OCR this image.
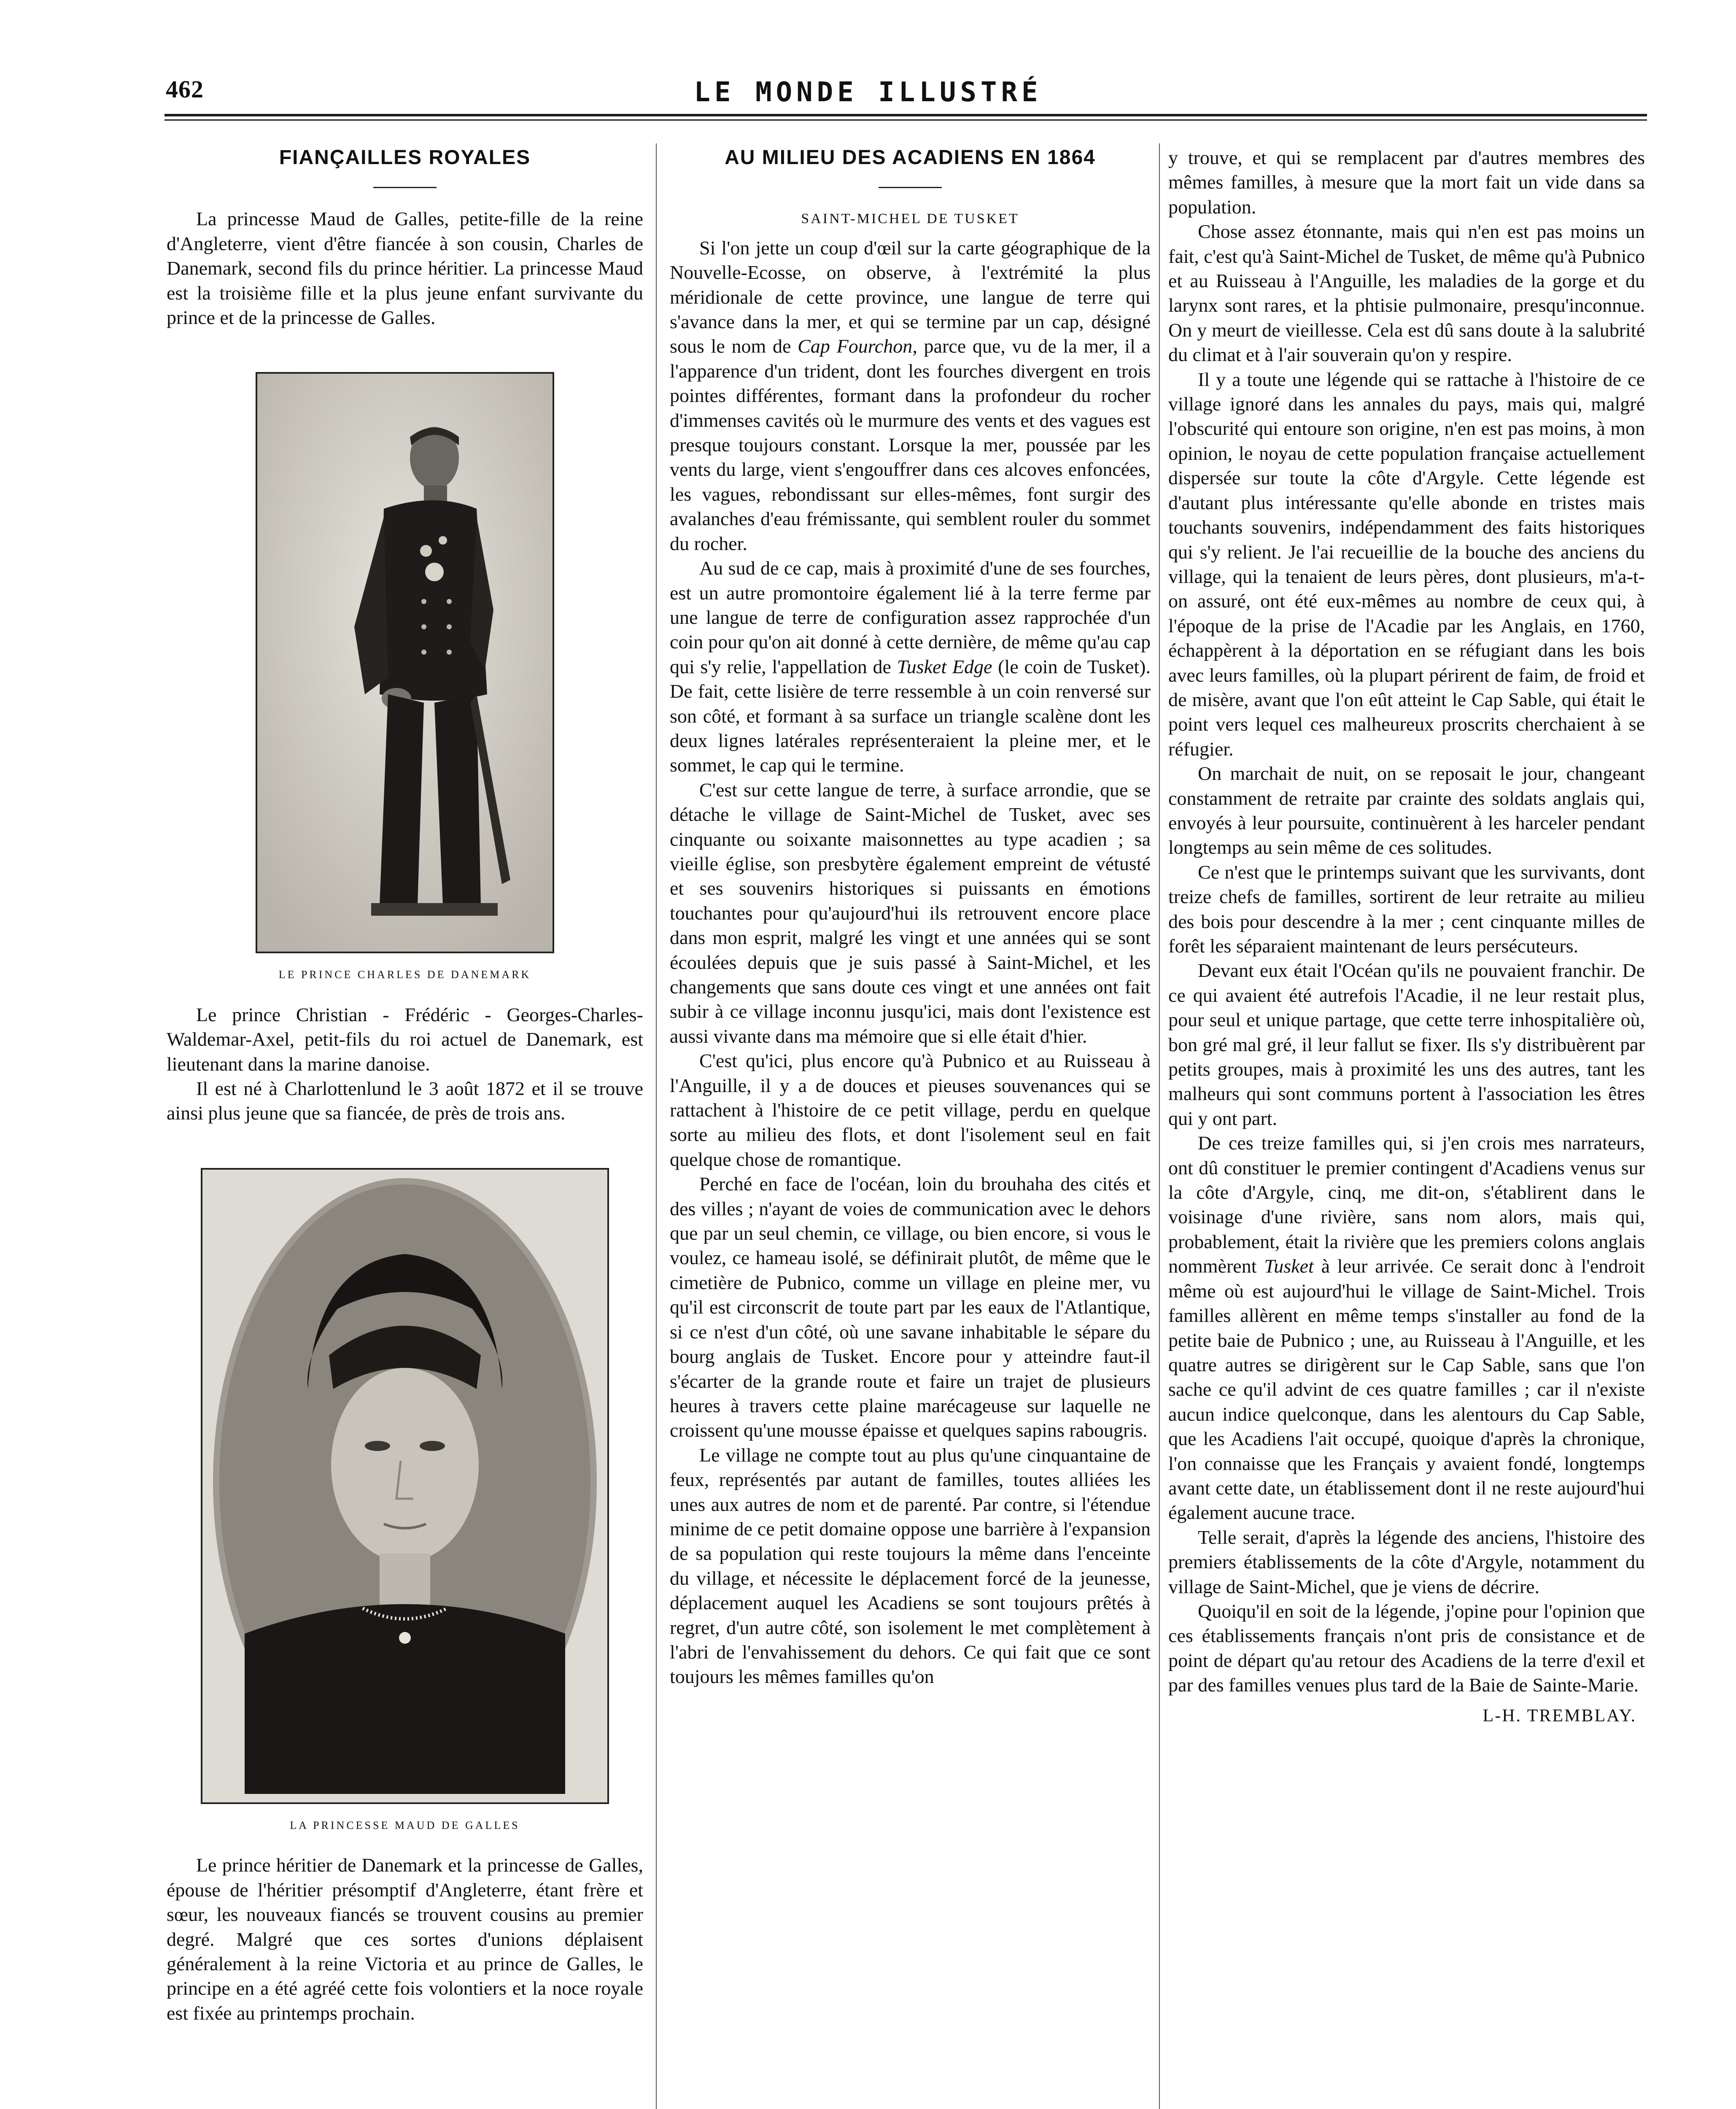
462	LE MONDE ILLUSTRÉ
FIANÇAILLES ROYALES

La princesse Maud de Galles, petite-fille de la reine d'Angleterre, vient d'être fiancée à son cousin, Charles de Danemark, second fils du prince héritier. La princesse Maud est la troisième fille et la plus jeune enfant survivante du prince et de la princesse de Galles.

LE PRINCE CHARLES DE DANEMARK

Le prince Christian - Frédéric - Georges-Charles-Waldemar-Axel, petit-fils du roi actuel de Danemark, est lieutenant dans la marine danoise.

Il est né à Charlottenlund le 3 août 1872 et il se trouve ainsi plus jeune que sa fiancée, de près de trois ans.

LA PRINCESSE MAUD DE GALLES

Le prince héritier de Danemark et la princesse de Galles, épouse de l'héritier présomptif d'Angleterre, étant frère et sœur, les nouveaux fiancés se trouvent cousins au premier degré. Malgré que ces sortes d'unions déplaisent généralement à la reine Victoria et au prince de Galles, le principe en a été agréé cette fois volontiers et la noce royale est fixée au printemps prochain.

AU MILIEU DES ACADIENS EN 1864
SAINT-MICHEL DE TUSKET

Si l'on jette un coup d'œil sur la carte géographique de la Nouvelle-Ecosse, on observe, à l'extrémité la plus méridionale de cette province, une langue de terre qui s'avance dans la mer, et qui se termine par un cap, désigné sous le nom de Cap Fourchon, parce que, vu de la mer, il a l'apparence d'un trident, dont les fourches divergent en trois pointes différentes, formant dans la profondeur du rocher d'immenses cavités où le murmure des vents et des vagues est presque toujours constant. Lorsque la mer, poussée par les vents du large, vient s'engouffrer dans ces alcoves enfoncées, les vagues, rebondissant sur elles-mêmes, font surgir des avalanches d'eau frémissante, qui semblent rouler du sommet du rocher.

Au sud de ce cap, mais à proximité d'une de ses fourches, est un autre promontoire également lié à la terre ferme par une langue de terre de configuration assez rapprochée d'un coin pour qu'on ait donné à cette dernière, de même qu'au cap qui s'y relie, l'appellation de Tusket Edge (le coin de Tusket). De fait, cette lisière de terre ressemble à un coin renversé sur son côté, et formant à sa surface un triangle scalène dont les deux lignes latérales représenteraient la pleine mer, et le sommet, le cap qui le termine.

C'est sur cette langue de terre, à surface arrondie, que se détache le village de Saint-Michel de Tusket, avec ses cinquante ou soixante maisonnettes au type acadien ; sa vieille église, son presbytère également empreint de vétusté et ses souvenirs historiques si puissants en émotions touchantes pour qu'aujourd'hui ils retrouvent encore place dans mon esprit, malgré les vingt et une années qui se sont écoulées depuis que je suis passé à Saint-Michel, et les changements que sans doute ces vingt et une années ont fait subir à ce village inconnu jusqu'ici, mais dont l'existence est aussi vivante dans ma mémoire que si elle était d'hier.

C'est qu'ici, plus encore qu'à Pubnico et au Ruisseau à l'Anguille, il y a de douces et pieuses souvenances qui se rattachent à l'histoire de ce petit village, perdu en quelque sorte au milieu des flots, et dont l'isolement seul en fait quelque chose de romantique.

Perché en face de l'océan, loin du brouhaha des cités et des villes ; n'ayant de voies de communication avec le dehors que par un seul chemin, ce village, ou bien encore, si vous le voulez, ce hameau isolé, se définirait plutôt, de même que le cimetière de Pubnico, comme un village en pleine mer, vu qu'il est circonscrit de toute part par les eaux de l'Atlantique, si ce n'est d'un côté, où une savane inhabitable le sépare du bourg anglais de Tusket. Encore pour y atteindre faut-il s'écarter de la grande route et faire un trajet de plusieurs heures à travers cette plaine marécageuse sur laquelle ne croissent qu'une mousse épaisse et quelques sapins rabougris.

Le village ne compte tout au plus qu'une cinquantaine de feux, représentés par autant de familles, toutes alliées les unes aux autres de nom et de parenté. Par contre, si l'étendue minime de ce petit domaine oppose une barrière à l'expansion de sa population qui reste toujours la même dans l'enceinte du village, et nécessite le déplacement forcé de la jeunesse, déplacement auquel les Acadiens se sont toujours prêtés à regret, d'un autre côté, son isolement le met complètement à l'abri de l'envahissement du dehors. Ce qui fait que ce sont toujours les mêmes familles qu'on

y trouve, et qui se remplacent par d'autres membres des mêmes familles, à mesure que la mort fait un vide dans sa population.

Chose assez étonnante, mais qui n'en est pas moins un fait, c'est qu'à Saint-Michel de Tusket, de même qu'à Pubnico et au Ruisseau à l'Anguille, les maladies de la gorge et du larynx sont rares, et la phtisie pulmonaire, presqu'inconnue. On y meurt de vieillesse. Cela est dû sans doute à la salubrité du climat et à l'air souverain qu'on y respire.

Il y a toute une légende qui se rattache à l'histoire de ce village ignoré dans les annales du pays, mais qui, malgré l'obscurité qui entoure son origine, n'en est pas moins, à mon opinion, le noyau de cette population française actuellement dispersée sur toute la côte d'Argyle. Cette légende est d'autant plus intéressante qu'elle abonde en tristes mais touchants souvenirs, indépendamment des faits historiques qui s'y relient. Je l'ai recueillie de la bouche des anciens du village, qui la tenaient de leurs pères, dont plusieurs, m'a-t-on assuré, ont été eux-mêmes au nombre de ceux qui, à l'époque de la prise de l'Acadie par les Anglais, en 1760, échappèrent à la déportation en se réfugiant dans les bois avec leurs familles, où la plupart périrent de faim, de froid et de misère, avant que l'on eût atteint le Cap Sable, qui était le point vers lequel ces malheureux proscrits cherchaient à se réfugier.

On marchait de nuit, on se reposait le jour, changeant constamment de retraite par crainte des soldats anglais qui, envoyés à leur poursuite, continuèrent à les harceler pendant longtemps au sein même de ces solitudes.

Ce n'est que le printemps suivant que les survivants, dont treize chefs de familles, sortirent de leur retraite au milieu des bois pour descendre à la mer ; cent cinquante milles de forêt les séparaient maintenant de leurs persécuteurs.

Devant eux était l'Océan qu'ils ne pouvaient franchir. De ce qui avaient été autrefois l'Acadie, il ne leur restait plus, pour seul et unique partage, que cette terre inhospitalière où, bon gré mal gré, il leur fallut se fixer. Ils s'y distribuèrent par petits groupes, mais à proximité les uns des autres, tant les malheurs qui sont communs portent à l'association les êtres qui y ont part.

De ces treize familles qui, si j'en crois mes narrateurs, ont dû constituer le premier contingent d'Acadiens venus sur la côte d'Argyle, cinq, me dit-on, s'établirent dans le voisinage d'une rivière, sans nom alors, mais qui, probablement, était la rivière que les premiers colons anglais nommèrent Tusket à leur arrivée. Ce serait donc à l'endroit même où est aujourd'hui le village de Saint-Michel. Trois familles allèrent en même temps s'installer au fond de la petite baie de Pubnico ; une, au Ruisseau à l'Anguille, et les quatre autres se dirigèrent sur le Cap Sable, sans que l'on sache ce qu'il advint de ces quatre familles ; car il n'existe aucun indice quelconque, dans les alentours du Cap Sable, que les Acadiens l'ait occupé, quoique d'après la chronique, l'on connaisse que les Français y avaient fondé, longtemps avant cette date, un établissement dont il ne reste aujourd'hui également aucune trace.

Telle serait, d'après la légende des anciens, l'histoire des premiers établissements de la côte d'Argyle, notamment du village de Saint-Michel, que je viens de décrire.

Quoiqu'il en soit de la légende, j'opine pour l'opinion que ces établissements français n'ont pris de consistance et de point de départ qu'au retour des Acadiens de la terre d'exil et par des familles venues plus tard de la Baie de Sainte-Marie.

L-H. TREMBLAY.
